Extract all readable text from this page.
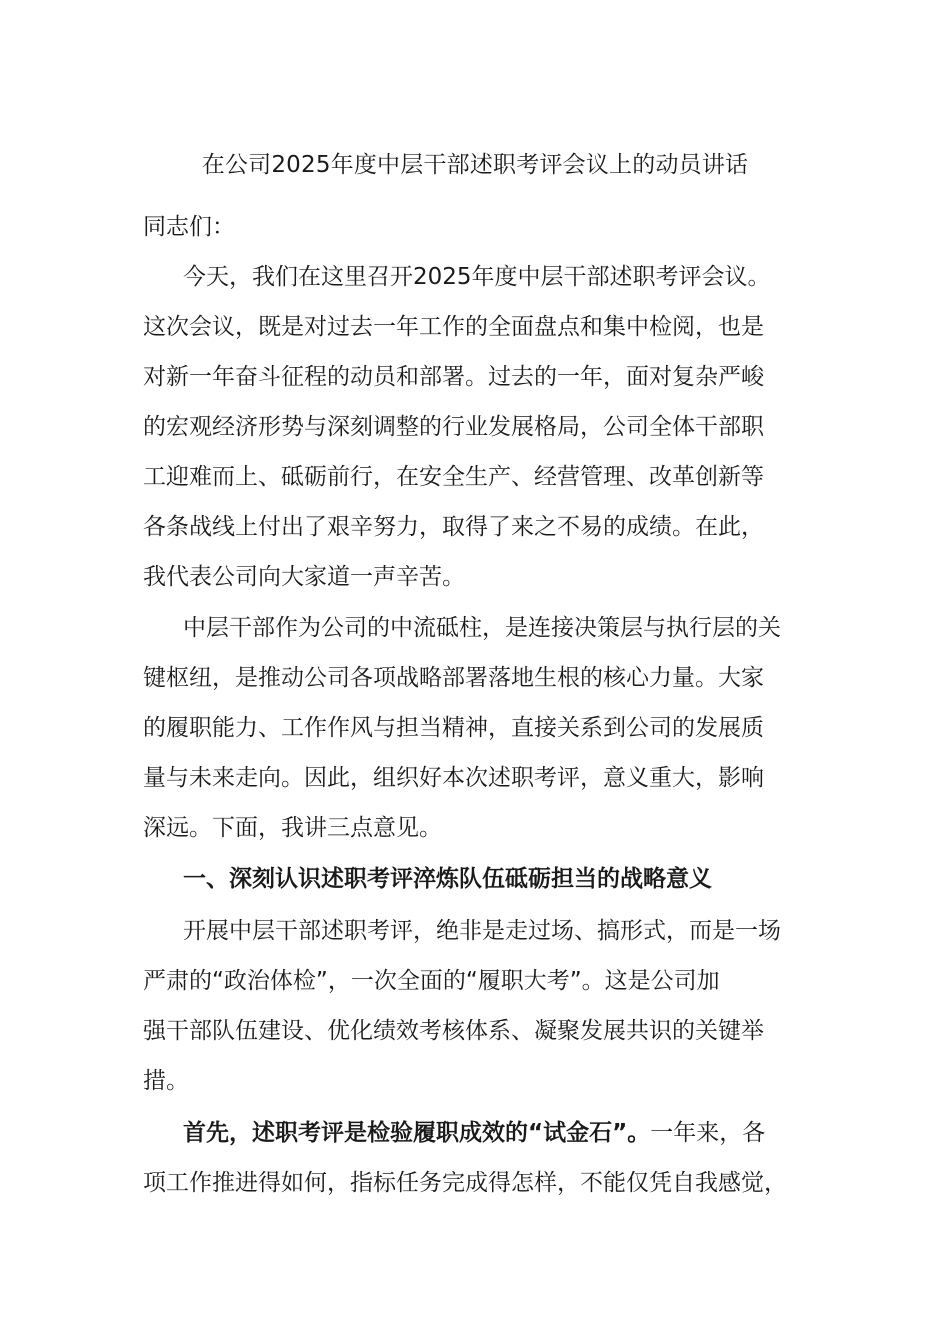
在公司2025年度中层干部述职考评会议上的动员讲话
同志们：
今天，我们在这里召开2025年度中层干部述职考评会议。
这次会议，既是对过去一年工作的全面盘点和集中检阅，也是
对新一年奋斗征程的动员和部署。过去的一年，面对复杂严峻
的宏观经济形势与深刻调整的行业发展格局，公司全体干部职
工迎难而上、砥砺前行，在安全生产、经营管理、改革创新等
各条战线上付出了艰辛努力，取得了来之不易的成绩。在此，
我代表公司向大家道一声辛苦。
中层干部作为公司的中流砥柱，是连接决策层与执行层的关
键枢纽，是推动公司各项战略部署落地生根的核心力量。大家
的履职能力、工作作风与担当精神，直接关系到公司的发展质
量与未来走向。因此，组织好本次述职考评，意义重大，影响
深远。下面，我讲三点意见。
一、深刻认识述职考评淬炼队伍砥砺担当的战略意义
开展中层干部述职考评，绝非是走过场、搞形式，而是一场
严肃的“政治体检”，一次全面的“履职大考”。这是公司加
强干部队伍建设、优化绩效考核体系、凝聚发展共识的关键举
措。
首先，述职考评是检验履职成效的“试金石”。一年来，各
项工作推进得如何，指标任务完成得怎样，不能仅凭自我感觉，
